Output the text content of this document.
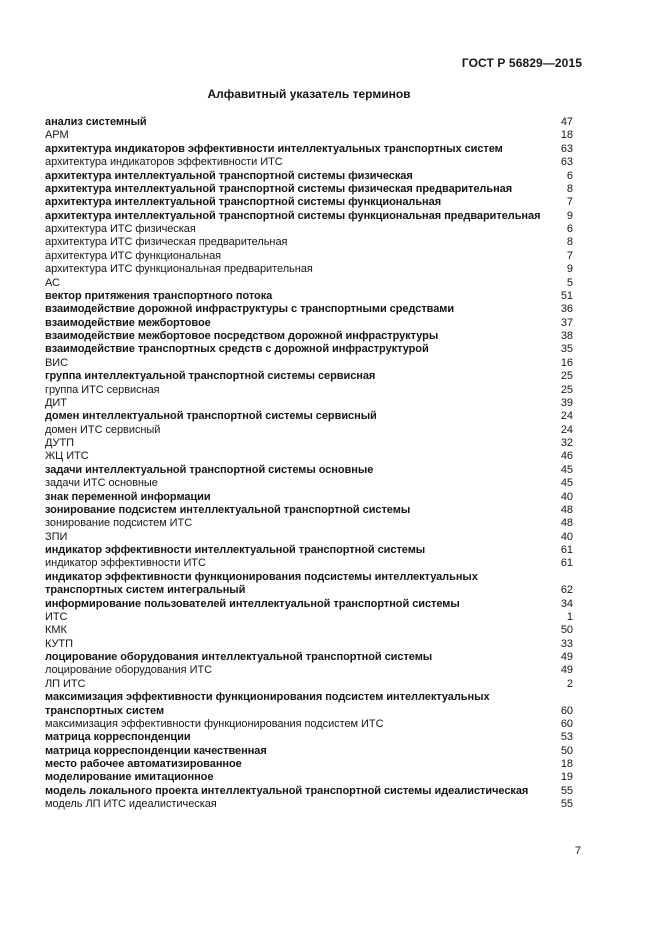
ГОСТ Р 56829—2015
Алфавитный указатель терминов
анализ системный	47
АРМ	18
архитектура индикаторов эффективности интеллектуальных транспортных систем	63
архитектура индикаторов эффективности ИТС	63
архитектура интеллектуальной транспортной системы физическая	6
архитектура интеллектуальной транспортной системы физическая предварительная	8
архитектура интеллектуальной транспортной системы функциональная	7
архитектура интеллектуальной транспортной системы функциональная предварительная	9
архитектура ИТС физическая	6
архитектура ИТС физическая предварительная	8
архитектура ИТС функциональная	7
архитектура ИТС функциональная предварительная	9
АС	5
вектор притяжения транспортного потока	51
взаимодействие дорожной инфраструктуры с транспортными средствами	36
взаимодействие межбортовое	37
взаимодействие межбортовое посредством дорожной инфраструктуры	38
взаимодействие транспортных средств с дорожной инфраструктурой	35
ВИС	16
группа интеллектуальной транспортной системы сервисная	25
группа ИТС сервисная	25
ДИТ	39
домен интеллектуальной транспортной системы сервисный	24
домен ИТС сервисный	24
ДУТП	32
ЖЦ ИТС	46
задачи интеллектуальной транспортной системы основные	45
задачи ИТС основные	45
знак переменной информации	40
зонирование подсистем интеллектуальной транспортной системы	48
зонирование подсистем ИТС	48
ЗПИ	40
индикатор эффективности интеллектуальной транспортной системы	61
индикатор эффективности ИТС	61
индикатор эффективности функционирования подсистемы интеллектуальных транспортных систем интегральный	62
информирование пользователей интеллектуальной транспортной системы	34
ИТС	1
КМК	50
КУТП	33
лоцирование оборудования интеллектуальной транспортной системы	49
лоцирование оборудования ИТС	49
ЛП ИТС	2
максимизация эффективности функционирования подсистем интеллектуальных транспортных систем	60
максимизация эффективности функционирования подсистем ИТС	60
матрица корреспонденции	53
матрица корреспонденции качественная	50
место рабочее автоматизированное	18
моделирование имитационное	19
модель локального проекта интеллектуальной транспортной системы идеалистическая	55
модель ЛП ИТС идеалистическая	55
7
